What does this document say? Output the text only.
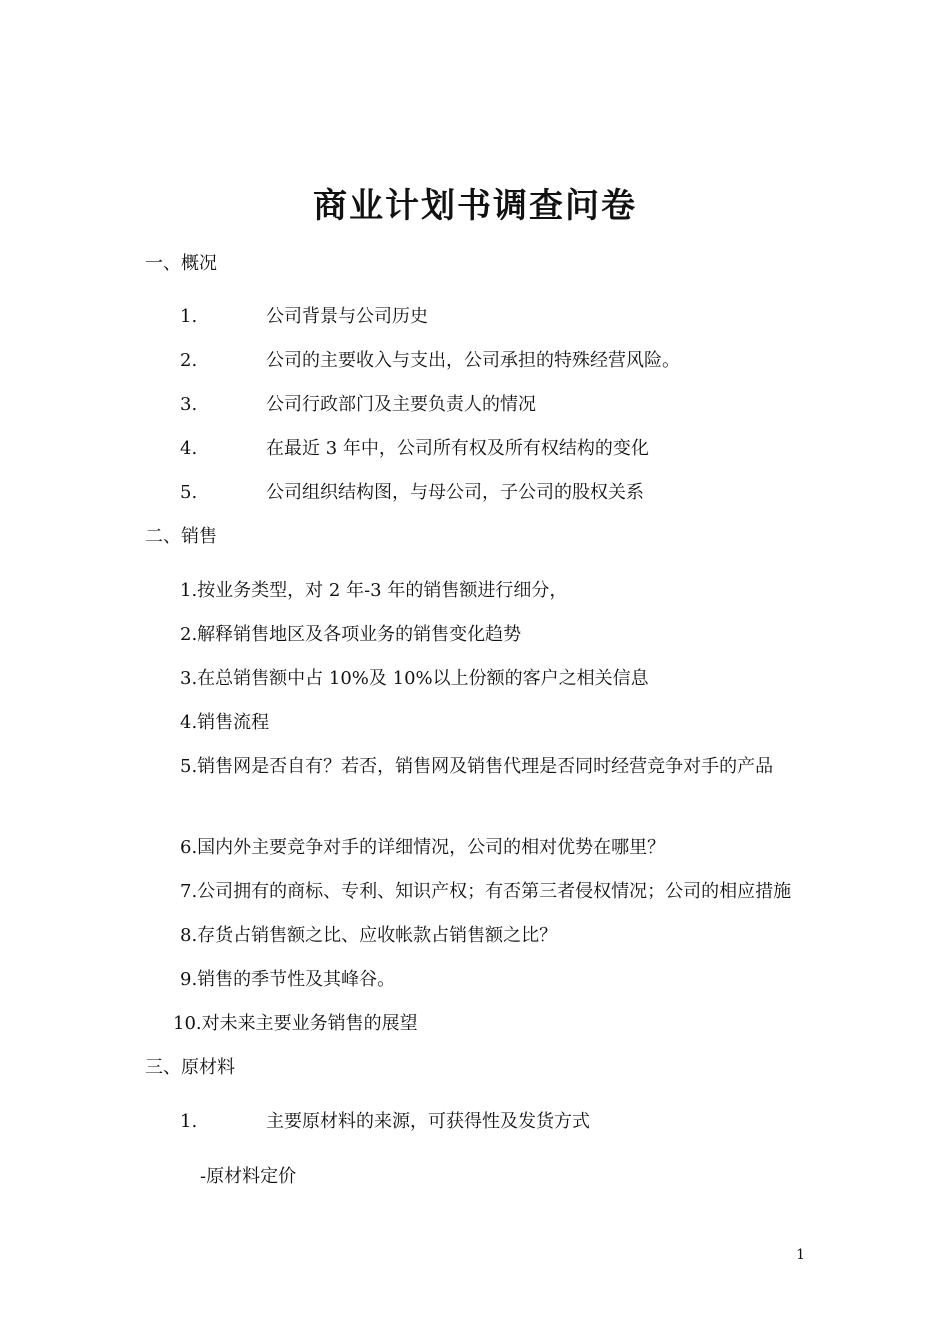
商业计划书调查问卷
一、概况
1.	公司背景与公司历史
2.	公司的主要收入与支出，公司承担的特殊经营风险。
3.	公司行政部门及主要负责人的情况
4.	在最近 3 年中，公司所有权及所有权结构的变化
5.	公司组织结构图，与母公司，子公司的股权关系
二、销售
1.按业务类型，对 2 年-3 年的销售额进行细分，
2.解释销售地区及各项业务的销售变化趋势
3.在总销售额中占 10%及 10%以上份额的客户之相关信息
4.销售流程
5.销售网是否自有？若否，销售网及销售代理是否同时经营竞争对手的产品
6.国内外主要竞争对手的详细情况，公司的相对优势在哪里？
7.公司拥有的商标、专利、知识产权；有否第三者侵权情况；公司的相应措施
8.存货占销售额之比、应收帐款占销售额之比？
9.销售的季节性及其峰谷。
10.对未来主要业务销售的展望
三、原材料
1.	主要原材料的来源，可获得性及发货方式
-原材料定价
1
